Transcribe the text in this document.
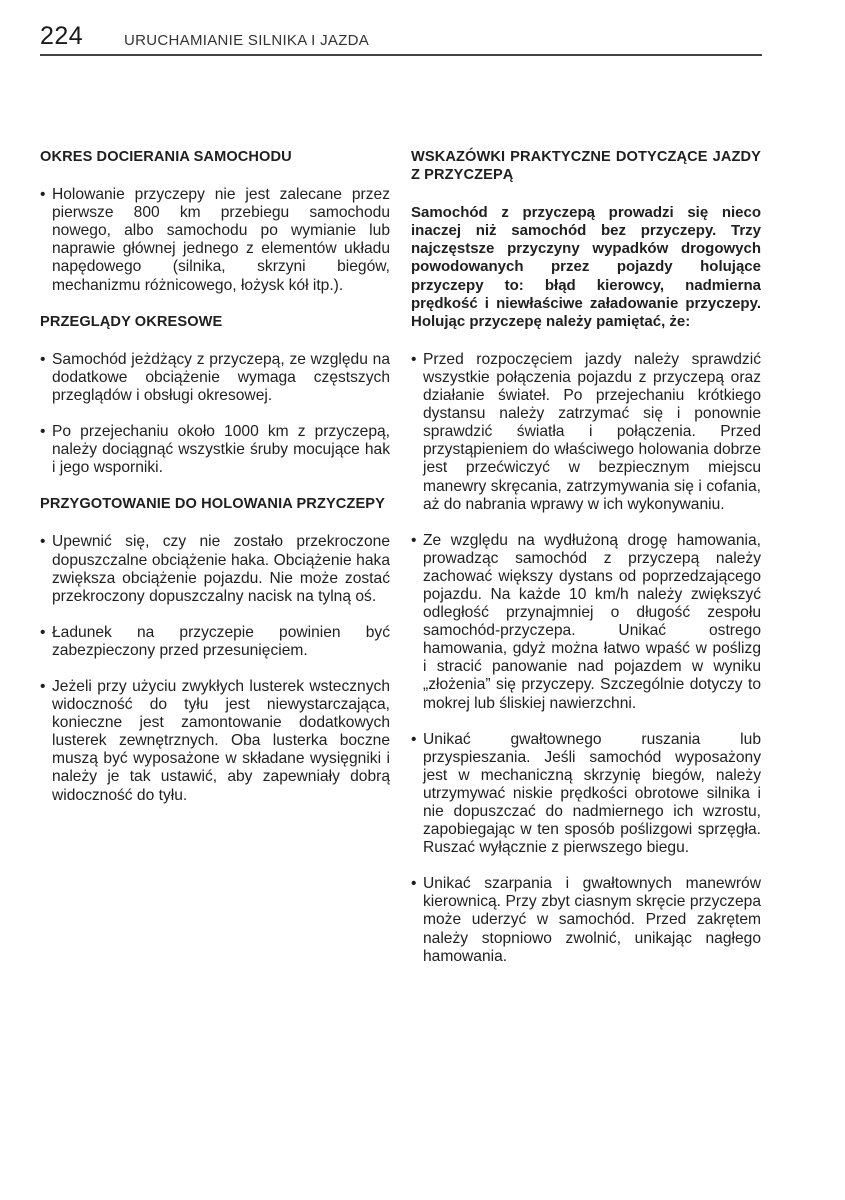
224	URUCHAMIANIE SILNIKA I JAZDA
OKRES DOCIERANIA SAMOCHODU
• Holowanie przyczepy nie jest zalecane przez pierwsze 800 km przebiegu samochodu nowego, albo samochodu po wymianie lub naprawie głównej jednego z elementów układu napędowego (silnika, skrzyni biegów, mechanizmu różnicowego, łożysk kół itp.).
PRZEGLĄDY OKRESOWE
• Samochód jeżdżący z przyczepą, ze względu na dodatkowe obciążenie wymaga częstszych przeglądów i obsługi okresowej.
• Po przejechaniu około 1000 km z przyczepą, należy dociągnąć wszystkie śruby mocujące hak i jego wsporniki.
PRZYGOTOWANIE DO HOLOWANIA PRZYCZEPY
• Upewnić się, czy nie zostało przekroczone dopuszczalne obciążenie haka. Obciążenie haka zwiększa obciążenie pojazdu. Nie może zostać przekroczony dopuszczalny nacisk na tylną oś.
• Ładunek na przyczepie powinien być zabezpieczony przed przesunięciem.
• Jeżeli przy użyciu zwykłych lusterek wstecznych widoczność do tyłu jest niewystarczająca, konieczne jest zamontowanie dodatkowych lusterek zewnętrznych. Oba lusterka boczne muszą być wyposażone w składane wysięgniki i należy je tak ustawić, aby zapewniały dobrą widoczność do tyłu.
WSKAZÓWKI PRAKTYCZNE DOTYCZĄCE JAZDY Z PRZYCZEPĄ
Samochód z przyczepą prowadzi się nieco inaczej niż samochód bez przyczepy. Trzy najczęstsze przyczyny wypadków drogowych powodowanych przez pojazdy holujące przyczepy to: błąd kierowcy, nadmierna prędkość i niewłaściwe załadowanie przyczepy. Holując przyczepę należy pamiętać, że:
• Przed rozpoczęciem jazdy należy sprawdzić wszystkie połączenia pojazdu z przyczepą oraz działanie świateł. Po przejechaniu krótkiego dystansu należy zatrzymać się i ponownie sprawdzić światła i połączenia. Przed przystąpieniem do właściwego holowania dobrze jest przećwiczyć w bezpiecznym miejscu manewry skręcania, zatrzymywania się i cofania, aż do nabrania wprawy w ich wykonywaniu.
• Ze względu na wydłużoną drogę hamowania, prowadząc samochód z przyczepą należy zachować większy dystans od poprzedzającego pojazdu. Na każde 10 km/h należy zwiększyć odległość przynajmniej o długość zespołu samochód-przyczepa. Unikać ostrego hamowania, gdyż można łatwo wpaść w poślizg i stracić panowanie nad pojazdem w wyniku „złożenia” się przyczepy. Szczególnie dotyczy to mokrej lub śliskiej nawierzchni.
• Unikać gwałtownego ruszania lub przyspieszania. Jeśli samochód wyposażony jest w mechaniczną skrzynię biegów, należy utrzymywać niskie prędkości obrotowe silnika i nie dopuszczać do nadmiernego ich wzrostu, zapobiegając w ten sposób poślizgowi sprzęgła. Ruszać wyłącznie z pierwszego biegu.
• Unikać szarpania i gwałtownych manewrów kierownicą. Przy zbyt ciasnym skręcie przyczepa może uderzyć w samochód. Przed zakrętem należy stopniowo zwolnić, unikając nagłego hamowania.
